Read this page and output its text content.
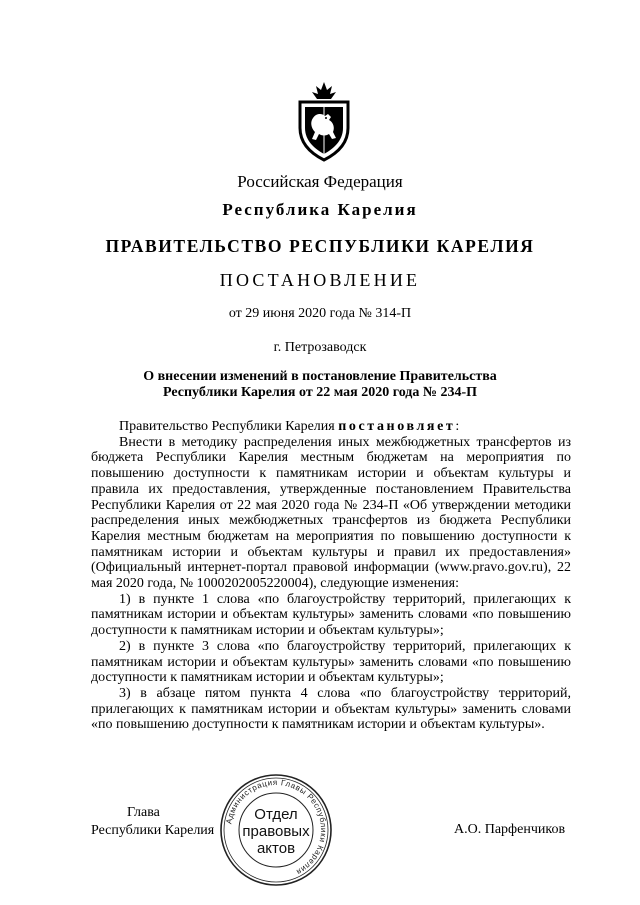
Российская Федерация
Республика Карелия
ПРАВИТЕЛЬСТВО РЕСПУБЛИКИ КАРЕЛИЯ
ПОСТАНОВЛЕНИЕ
от 29 июня 2020 года № 314-П
г. Петрозаводск
О внесении изменений в постановление Правительства
Республики Карелия от 22 мая 2020 года № 234-П

Правительство Республики Карелия постановляет:

Внести в методику распределения иных межбюджетных трансфертов из бюджета Республики Карелия местным бюджетам на мероприятия по повышению доступности к памятникам истории и объектам культуры и правила их предоставления, утвержденные постановлением Правительства Республики Карелия от 22 мая 2020 года № 234-П «Об утверждении методики распределения иных межбюджетных трансфертов из бюджета Республики Карелия местным бюджетам на мероприятия по повышению доступности к памятникам истории и объектам культуры и правил их предоставления» (Официальный интернет-портал правовой информации (www.pravo.gov.ru), 22 мая 2020 года, № 1000202005220004), следующие изменения:

1) в пункте 1 слова «по благоустройству территорий, прилегающих к памятникам истории и объектам культуры» заменить словами «по повышению доступности к памятникам истории и объектам культуры»;

2) в пункте 3 слова «по благоустройству территорий, прилегающих к памятникам истории и объектам культуры» заменить словами «по повышению доступности к памятникам истории и объектам культуры»;

3) в абзаце пятом пункта 4 слова «по благоустройству территорий, прилегающих к памятникам истории и объектам культуры» заменить словами «по повышению доступности к памятникам истории и объектам культуры».

Глава
Республики Карелия	А.О. Парфенчиков
Администрация Главы Республики Карелия
Отдел
правовых
актов
